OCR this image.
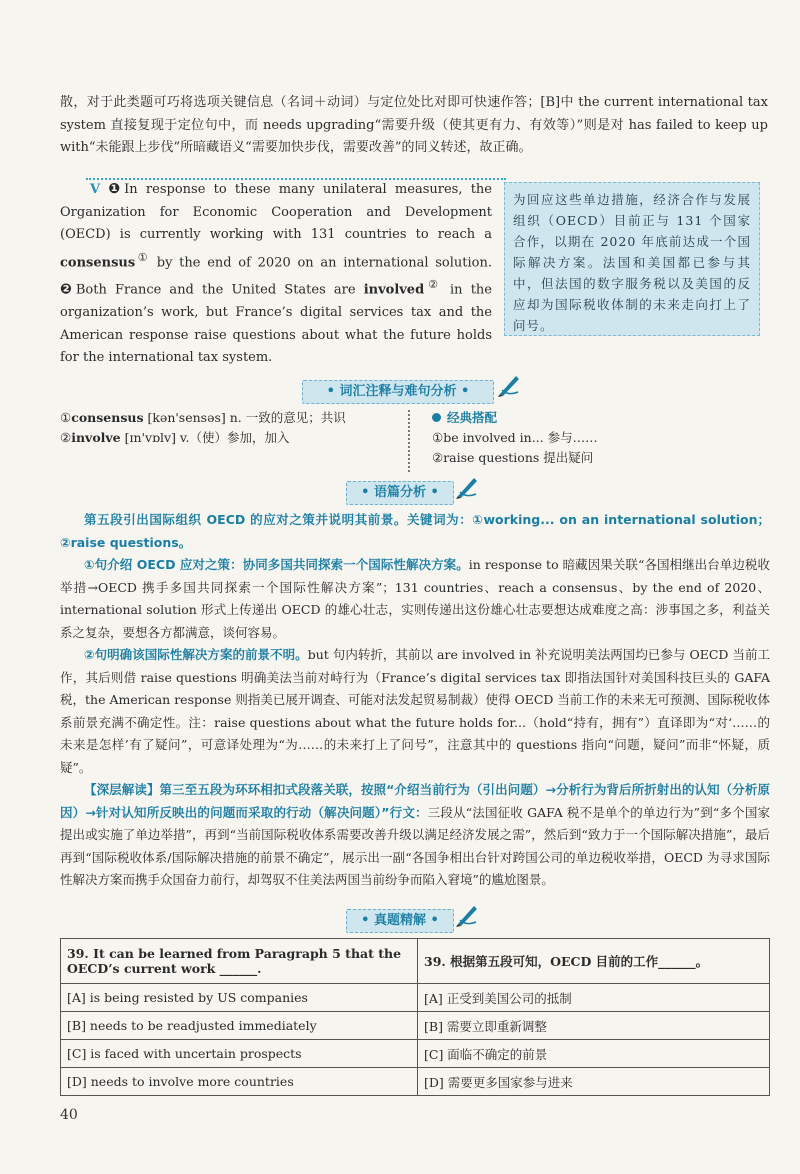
散，对于此类题可巧将选项关键信息（名词＋动词）与定位处比对即可快速作答；[B]中 the current international tax system 直接复现于定位句中，而 needs upgrading“需要升级（使其更有力、有效等）”则是对 has failed to keep up with“未能跟上步伐”所暗藏语义“需要加快步伐，需要改善”的同义转述，故正确。
V ❶In response to these many unilateral measures, the Organization for Economic Cooperation and Development (OECD) is currently working with 131 countries to reach a consensus① by the end of 2020 on an international solution. ❷Both France and the United States are involved② in the organization’s work, but France’s digital services tax and the American response raise questions about what the future holds for the international tax system.
为回应这些单边措施，经济合作与发展组织（OECD）目前正与 131 个国家合作，以期在 2020 年底前达成一个国际解决方案。法国和美国都已参与其中，但法国的数字服务税以及美国的反应却为国际税收体制的未来走向打上了问号。
• 词汇注释与难句分析 •
①consensus [kən'sensəs] n. 一致的意见；共识
②involve [ɪn'vɒlv] v.（使）参加，加入
经典搭配
①be involved in... 参与……
②raise questions 提出疑问
• 语篇分析 •

第五段引出国际组织 OECD 的应对之策并说明其前景。关键词为：①working... on an international solution；②raise questions。

①句介绍 OECD 应对之策：协同多国共同探索一个国际性解决方案。in response to 暗藏因果关联“各国相继出台单边税收举措→OECD 携手多国共同探索一个国际性解决方案”；131 countries、reach a consensus、by the end of 2020、international solution 形式上传递出 OECD 的雄心壮志，实则传递出这份雄心壮志要想达成难度之高：涉事国之多，利益关系之复杂，要想各方都满意，谈何容易。

②句明确该国际性解决方案的前景不明。but 句内转折，其前以 are involved in 补充说明美法两国均已参与 OECD 当前工作，其后则借 raise questions 明确美法当前对峙行为（France’s digital services tax 即指法国针对美国科技巨头的 GAFA 税，the American response 则指美已展开调查、可能对法发起贸易制裁）使得 OECD 当前工作的未来无可预测、国际税收体系前景充满不确定性。注：raise questions about what the future holds for...（hold“持有，拥有”）直译即为“对‘……的未来是怎样’有了疑问”，可意译处理为“为……的未来打上了问号”，注意其中的 questions 指向“问题，疑问”而非“怀疑，质疑”。

【深层解读】第三至五段为环环相扣式段落关联，按照“介绍当前行为（引出问题）→分析行为背后所折射出的认知（分析原因）→针对认知所反映出的问题而采取的行动（解决问题）”行文：三段从“法国征收 GAFA 税不是单个的单边行为”到“多个国家提出或实施了单边举措”，再到“当前国际税收体系需要改善升级以满足经济发展之需”，然后到“致力于一个国际解决措施”，最后再到“国际税收体系/国际解决措施的前景不确定”，展示出一副“各国争相出台针对跨国公司的单边税收举措，OECD 为寻求国际性解决方案而携手众国奋力前行，却驾驭不住美法两国当前纷争而陷入窘境”的尴尬图景。

• 真题精解 •
39. It can be learned from Paragraph 5 that the OECD’s current work ______.	39. 根据第五段可知，OECD 目前的工作______。
[A] is being resisted by US companies	[A] 正受到美国公司的抵制
[B] needs to be readjusted immediately	[B] 需要立即重新调整
[C] is faced with uncertain prospects	[C] 面临不确定的前景
[D] needs to involve more countries	[D] 需要更多国家参与进来
40
